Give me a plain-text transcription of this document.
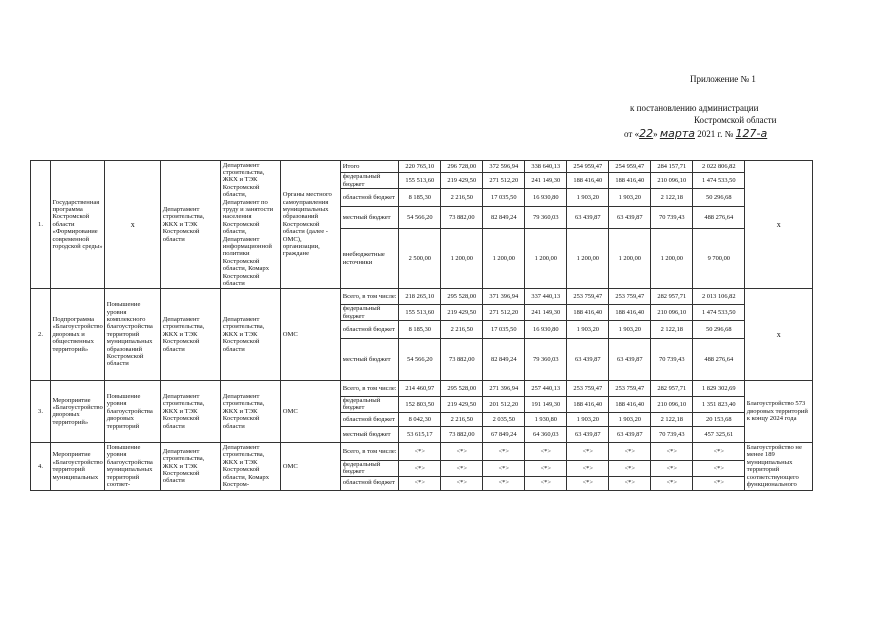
Приложение № 1
к постановлению администрации
Костромской области
от «22» марта 2021 г. № 127-а
1.	Государственная программа Костромской области «Формирование современной городской среды»	х	Департамент строительства, ЖКХ и ТЭК Костромской области	Департамент строительства, ЖКХ и ТЭК Костромской области, Департамент по труду и занятости населения Костромской области, Департамент информационной политики Костромской области, Комарх Костромской области	Органы местного самоуправления муниципальных образований Костромской области (далее - ОМС), организации, граждане	Итого	220 765,10	296 728,00	372 596,94	338 640,13	254 959,47	254 959,47	284 157,71	2 022 806,82	х
						федеральный бюджет	155 513,60	219 429,50	271 512,20	241 149,30	188 416,40	188 416,40	210 096,10	1 474 533,50	
						областной бюджет	8 185,30	2 216,50	17 035,50	16 930,80	1 903,20	1 903,20	2 122,18	50 296,68	
						местный бюджет	54 566,20	73 882,00	82 849,24	79 360,03	63 439,87	63 439,87	70 739,43	488 276,64	
						внебюджетные источники	2 500,00	1 200,00	1 200,00	1 200,00	1 200,00	1 200,00	1 200,00	9 700,00	
2.	Подпрограмма «Благоустройство дворовых и общественных территорий»	Повышение уровня комплексного благоустройства территорий муниципальных образований Костромской области	Департамент строительства, ЖКХ и ТЭК Костромской области	Департамент строительства, ЖКХ и ТЭК Костромской области	ОМС	Всего, в том числе:	218 265,10	295 528,00	371 396,94	337 440,13	253 759,47	253 759,47	282 957,71	2 013 106,82	х
						федеральный бюджет	155 513,60	219 429,50	271 512,20	241 149,30	188 416,40	188 416,40	210 096,10	1 474 533,50	
						областной бюджет	8 185,30	2 216,50	17 035,50	16 930,80	1 903,20	1 903,20	2 122,18	50 296,68	
						местный бюджет	54 566,20	73 882,00	82 849,24	79 360,03	63 439,87	63 439,87	70 739,43	488 276,64	
3.	Мероприятие «Благоустройство дворовых территорий»	Повышение уровня благоустройства дворовых территорий	Департамент строительства, ЖКХ и ТЭК Костромской области	Департамент строительства, ЖКХ и ТЭК Костромской области	ОМС	Всего, в том числе:	214 460,97	295 528,00	271 396,94	257 440,13	253 759,47	253 759,47	282 957,71	1 829 302,69	Благоустройство 573 дворовых территорий к концу 2024 года
						федеральный бюджет	152 803,50	219 429,50	201 512,20	191 149,30	188 416,40	188 416,40	210 096,10	1 351 823,40	
						областной бюджет	8 042,30	2 216,50	2 035,50	1 930,80	1 903,20	1 903,20	2 122,18	20 153,68	
						местный бюджет	53 615,17	73 882,00	67 849,24	64 360,03	63 439,87	63 439,87	70 739,43	457 325,61	
4.	Мероприятие «Благоустройство территорий муниципальных	Повышение уровня благоустройства муниципальных территорий соответ-	Департамент строительства, ЖКХ и ТЭК Костромской области	Департамент строительства, ЖКХ и ТЭК Костромской области, Комарх Костром-	ОМС	Всего, в том числе:	<*>	<*>	<*>	<*>	<*>	<*>	<*>	<*>	Благоустройство не менее 189 муниципальных территорий соответствующего функционального
						федеральный бюджет	<*>	<*>	<*>	<*>	<*>	<*>	<*>	<*>	
						областной бюджет	<*>	<*>	<*>	<*>	<*>	<*>	<*>	<*>	
